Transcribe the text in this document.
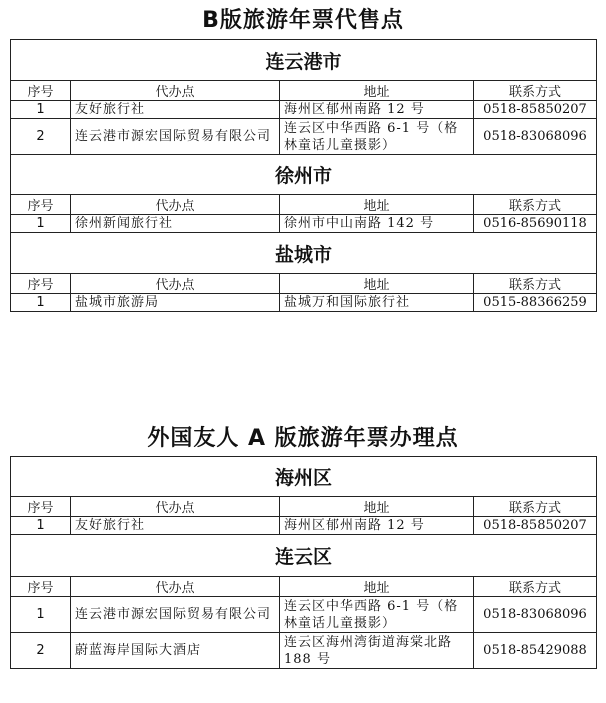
B版旅游年票代售点
连云港市			
序号	代办点	地址	联系方式
1	友好旅行社	海州区郁州南路 12 号	0518-85850207
2	连云港市源宏国际贸易有限公司	连云区中华西路 6-1 号（格林童话儿童摄影）	0518-83068096
徐州市			
序号	代办点	地址	联系方式
1	徐州新闻旅行社	徐州市中山南路 142 号	0516-85690118
盐城市			
序号	代办点	地址	联系方式
1	盐城市旅游局	盐城万和国际旅行社	0515-88366259
外国友人 A 版旅游年票办理点
海州区			
序号	代办点	地址	联系方式
1	友好旅行社	海州区郁州南路 12 号	0518-85850207
连云区			
序号	代办点	地址	联系方式
1	连云港市源宏国际贸易有限公司	连云区中华西路 6-1 号（格林童话儿童摄影）	0518-83068096
2	蔚蓝海岸国际大酒店	连云区海州湾街道海棠北路 188 号	0518-85429088
